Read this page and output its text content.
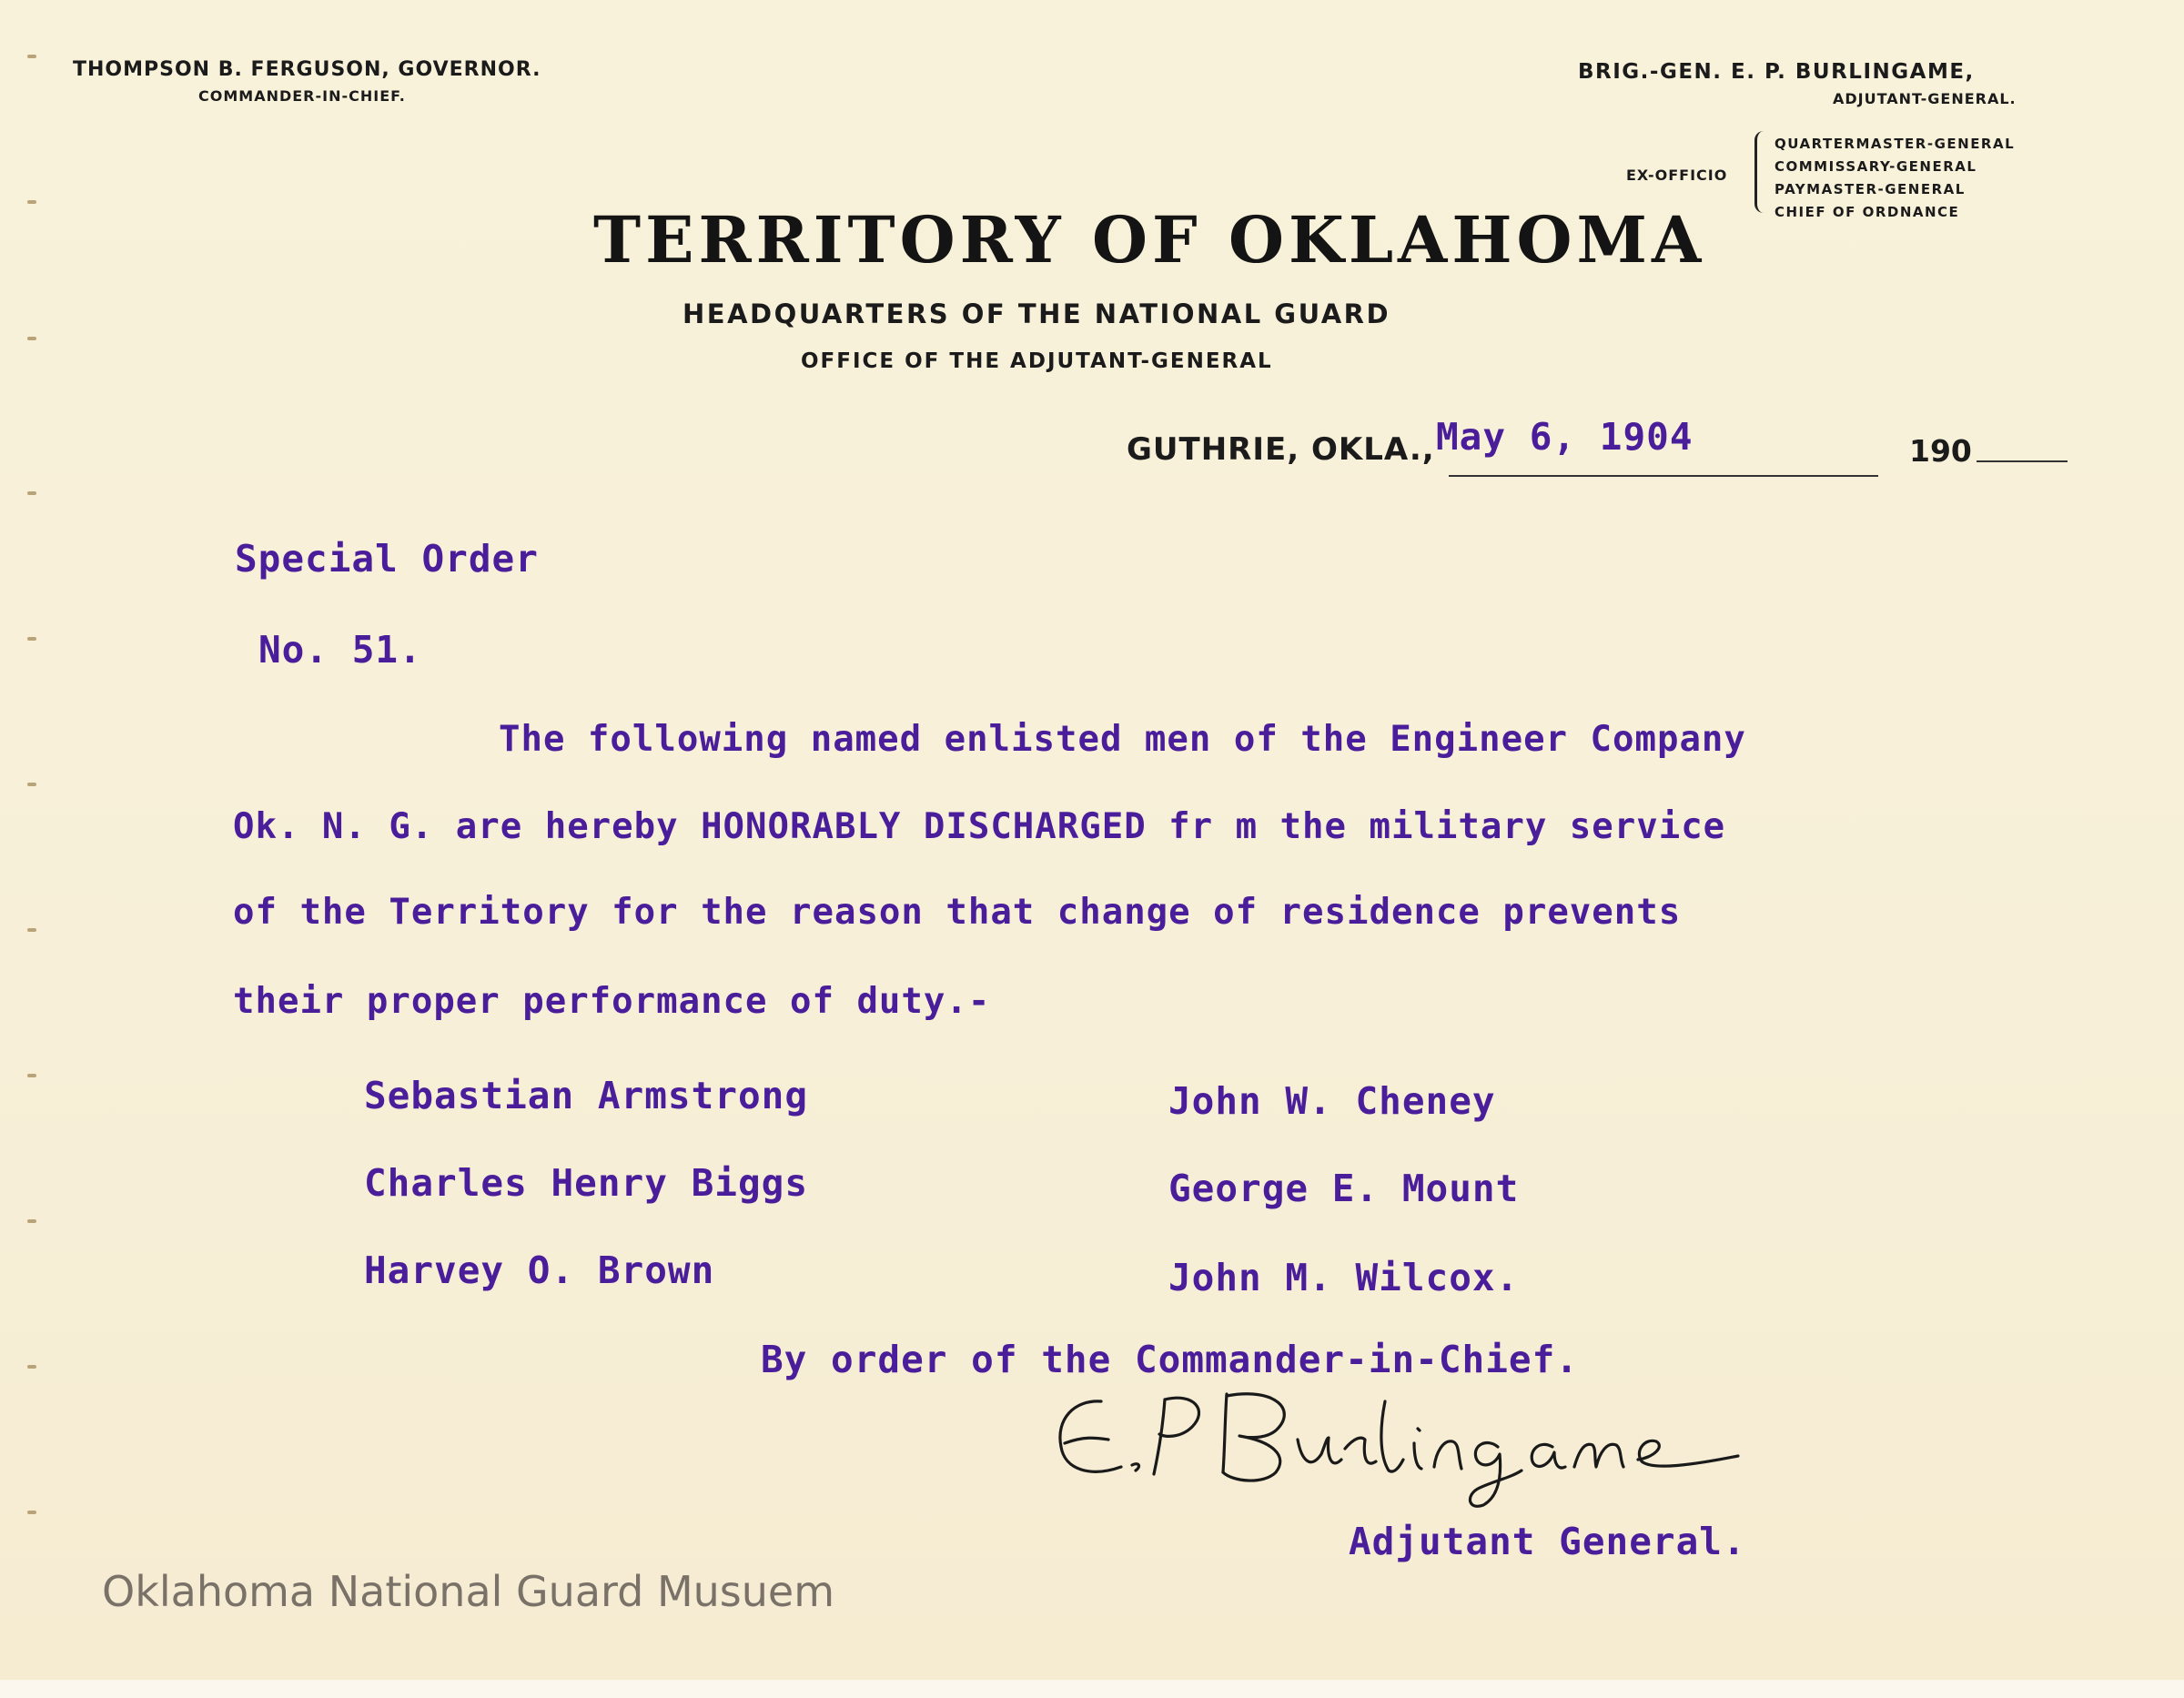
THOMPSON B. FERGUSON, GOVERNOR.
COMMANDER-IN-CHIEF.
BRIG.-GEN. E. P. BURLINGAME,
ADJUTANT-GENERAL.
EX-OFFICIO
QUARTERMASTER-GENERAL
COMMISSARY-GENERAL
PAYMASTER-GENERAL
CHIEF OF ORDNANCE
TERRITORY OF OKLAHOMA
HEADQUARTERS OF THE NATIONAL GUARD
OFFICE OF THE ADJUTANT-GENERAL
GUTHRIE, OKLA., May 6, 1904	190
Special Order
No. 51.
The following named enlisted men of the Engineer Company
Ok. N. G. are hereby HONORABLY DISCHARGED fr m the military service
of the Territory for the reason that change of residence prevents
their proper performance of duty.-
Sebastian Armstrong
Charles Henry Biggs
Harvey O. Brown
John W. Cheney
George E. Mount
John M. Wilcox.
By order of the Commander-in-Chief.
Adjutant General.
Oklahoma National Guard Musuem
